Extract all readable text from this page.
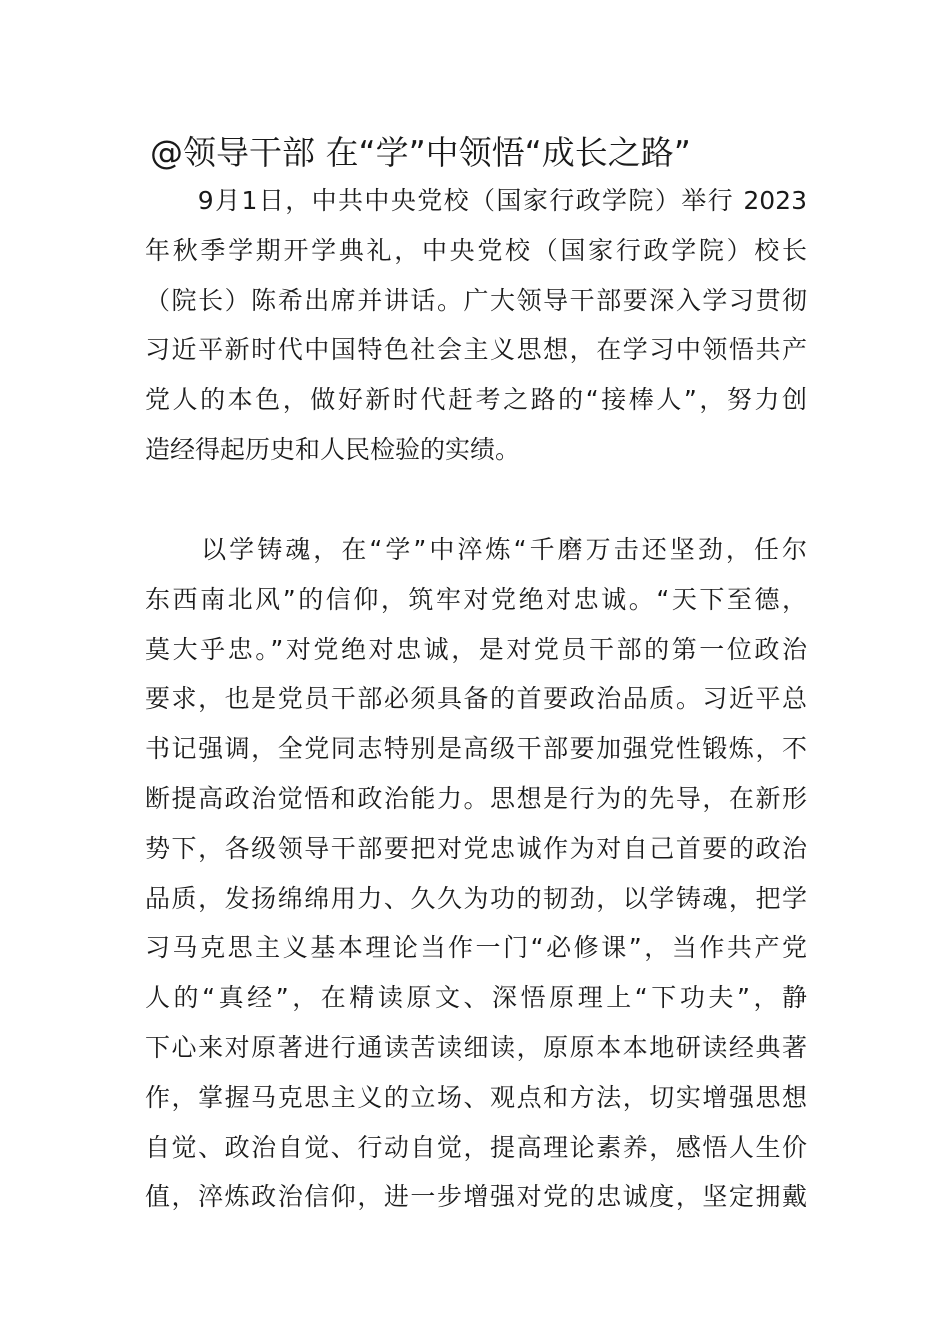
@领导干部 在“学”中领悟“成长之路”
　　9月1日，中共中央党校（国家行政学院）举行 2023
年秋季学期开学典礼，中央党校（国家行政学院）校长
（院长）陈希出席并讲话。广大领导干部要深入学习贯彻
习近平新时代中国特色社会主义思想，在学习中领悟共产
党人的本色，做好新时代赶考之路的“接棒人”，努力创
造经得起历史和人民检验的实绩。
　　以学铸魂，在“学”中淬炼“千磨万击还坚劲，任尔
东西南北风”的信仰，筑牢对党绝对忠诚。“天下至德，
莫大乎忠。”对党绝对忠诚，是对党员干部的第一位政治
要求，也是党员干部必须具备的首要政治品质。习近平总
书记强调，全党同志特别是高级干部要加强党性锻炼，不
断提高政治觉悟和政治能力。思想是行为的先导，在新形
势下，各级领导干部要把对党忠诚作为对自己首要的政治
品质，发扬绵绵用力、久久为功的韧劲，以学铸魂，把学
习马克思主义基本理论当作一门“必修课”，当作共产党
人的“真经”，在精读原文、深悟原理上“下功夫”，静
下心来对原著进行通读苦读细读，原原本本地研读经典著
作，掌握马克思主义的立场、观点和方法，切实增强思想
自觉、政治自觉、行动自觉，提高理论素养，感悟人生价
值，淬炼政治信仰，进一步增强对党的忠诚度，坚定拥戴
